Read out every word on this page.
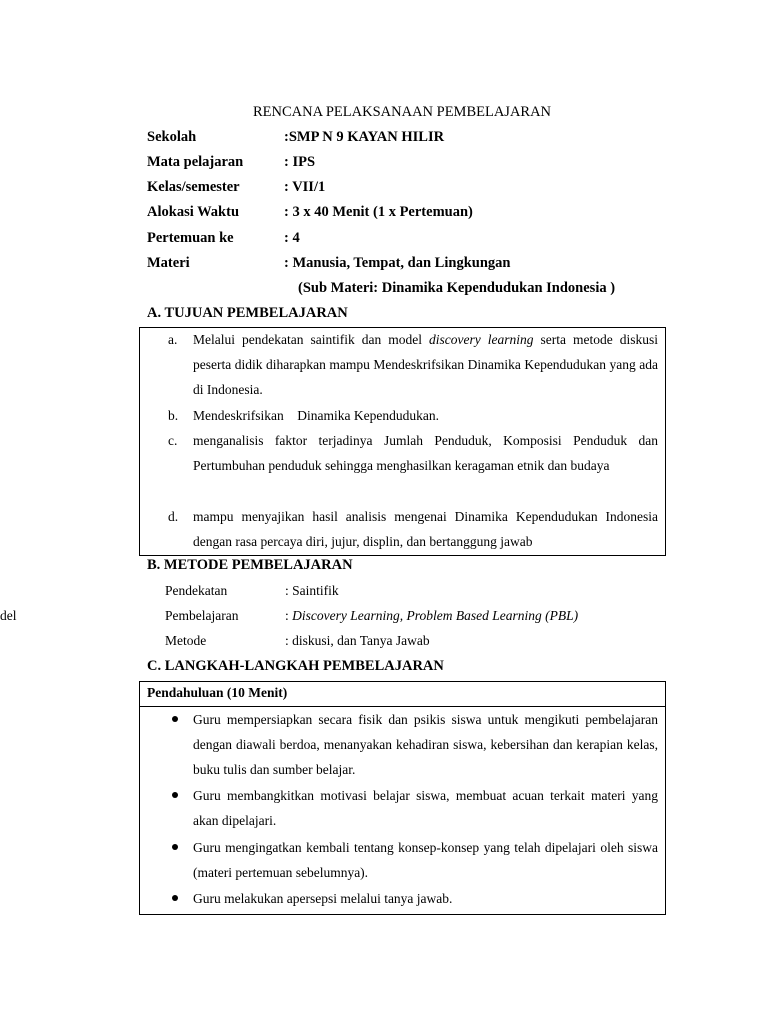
RENCANA PELAKSANAAN PEMBELAJARAN
Sekolah	:SMP N 9 KAYAN HILIR
Mata pelajaran	: IPS
Kelas/semester	: VII/1
Alokasi Waktu	: 3 x 40 Menit (1 x Pertemuan)
Pertemuan ke	: 4
Materi	: Manusia, Tempat, dan Lingkungan
(Sub Materi: Dinamika Kependudukan Indonesia )
A. TUJUAN PEMBELAJARAN
a. Melalui pendekatan saintifik dan model discovery learning serta metode diskusi peserta didik diharapkan mampu Mendeskrifsikan Dinamika Kependudukan yang ada di Indonesia.
b. Mendeskrifsikan    Dinamika Kependudukan.
c. menganalisis faktor terjadinya Jumlah Penduduk, Komposisi Penduduk dan Pertumbuhan penduduk sehingga menghasilkan keragaman etnik dan budaya
d. mampu menyajikan hasil analisis mengenai Dinamika Kependudukan Indonesia dengan rasa percaya diri, jujur, displin, dan bertanggung jawab
B. METODE PEMBELAJARAN
del
Pendekatan	: Saintifik
Pembelajaran	: Discovery Learning, Problem Based Learning (PBL)
Metode	: diskusi, dan Tanya Jawab
C. LANGKAH-LANGKAH PEMBELAJARAN
Pendahuluan (10 Menit)
Guru mempersiapkan secara fisik dan psikis siswa untuk mengikuti pembelajaran dengan diawali berdoa, menanyakan kehadiran siswa, kebersihan dan kerapian kelas, buku tulis dan sumber belajar.
Guru membangkitkan motivasi belajar siswa, membuat acuan terkait materi yang akan dipelajari.
Guru mengingatkan kembali tentang konsep-konsep yang telah dipelajari oleh siswa (materi pertemuan sebelumnya).
Guru melakukan apersepsi melalui tanya jawab.
